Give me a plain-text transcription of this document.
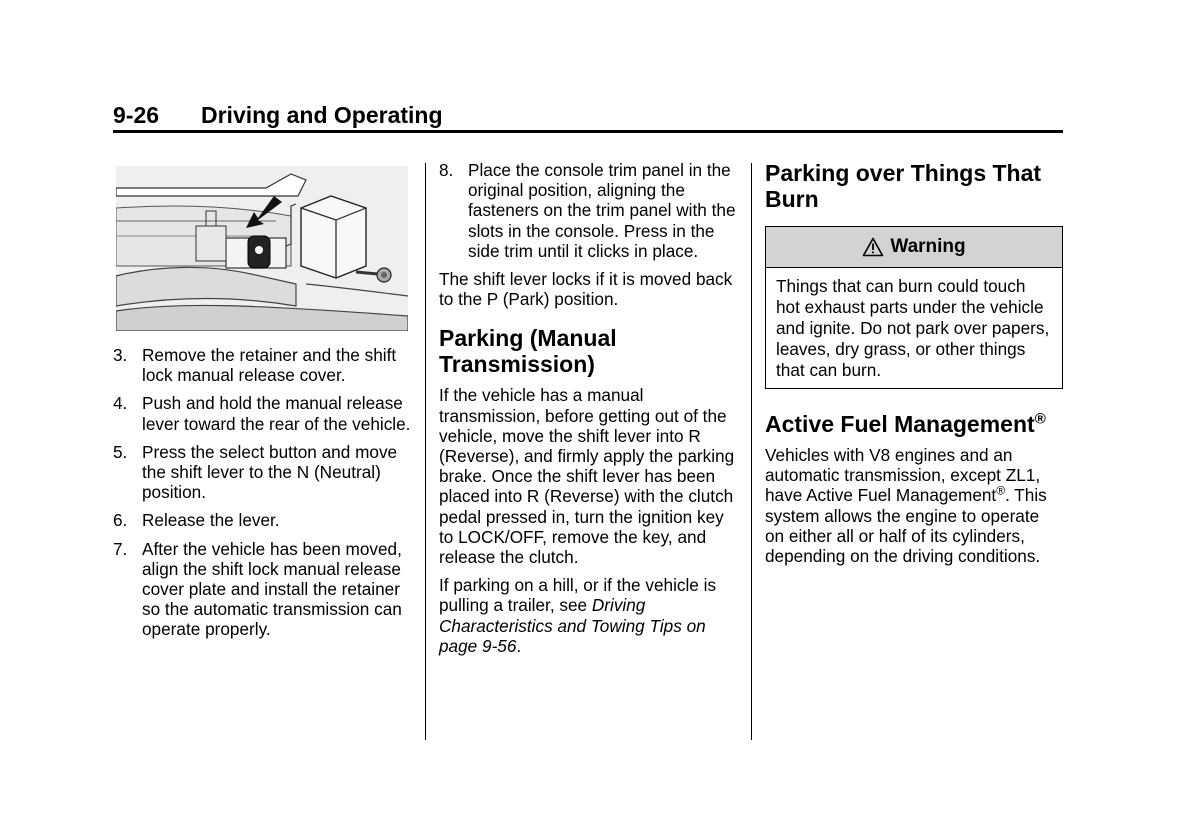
9-26 Driving and Operating
3. Remove the retainer and the shift lock manual release cover.
4. Push and hold the manual release lever toward the rear of the vehicle.
5. Press the select button and move the shift lever to the N (Neutral) position.
6. Release the lever.
7. After the vehicle has been moved, align the shift lock manual release cover plate and install the retainer so the automatic transmission can operate properly.
8. Place the console trim panel in the original position, aligning the fasteners on the trim panel with the slots in the console. Press in the side trim until it clicks in place.

The shift lever locks if it is moved back to the P (Park) position.

Parking (Manual Transmission)

If the vehicle has a manual transmission, before getting out of the vehicle, move the shift lever into R (Reverse), and firmly apply the parking brake. Once the shift lever has been placed into R (Reverse) with the clutch pedal pressed in, turn the ignition key to LOCK/OFF, remove the key, and release the clutch.

If parking on a hill, or if the vehicle is pulling a trailer, see Driving Characteristics and Towing Tips on page 9-56.

Parking over Things That Burn
Warning
Things that can burn could touch hot exhaust parts under the vehicle and ignite. Do not park over papers, leaves, dry grass, or other things that can burn.
Active Fuel Management®

Vehicles with V8 engines and an automatic transmission, except ZL1, have Active Fuel Management®. This system allows the engine to operate on either all or half of its cylinders, depending on the driving conditions.
